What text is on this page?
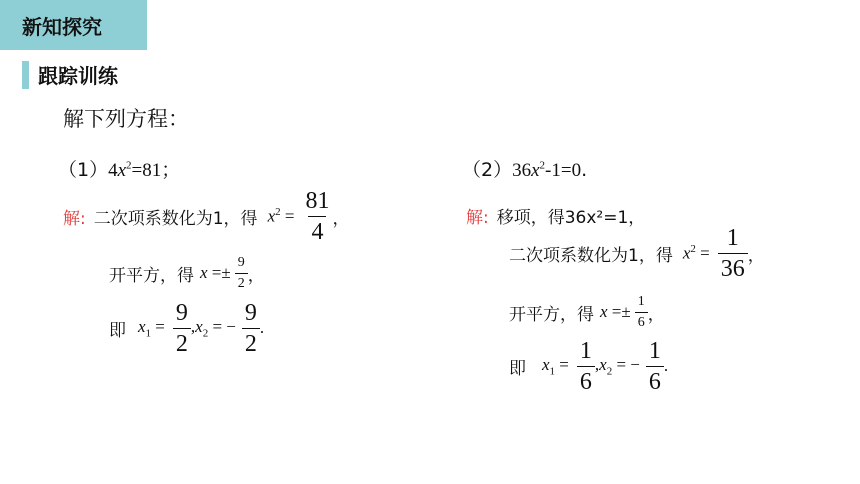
新知探究
跟踪训练
解下列方程：
$(1)4x^2=81$；	$(2)36x^2-1=0$.
解: 二次项系数化为1，得 $x^2 = \frac{81}{4}$ ，
开平方，得 $x =\pm \frac{9}{2}$ ，
即 $x_1 = \frac{9}{2} ,x_2$ = − $\frac{9}{2}$ .
解: 移项，得36x²=1，
二次项系数化为1，得 $x^2 = \frac{1}{36}$ ，
开平方，得 $x =\pm \frac{1}{6}$ ，
即 $x_1 = \frac{1}{6} ,x_2$ = − $\frac{1}{6}$ .
